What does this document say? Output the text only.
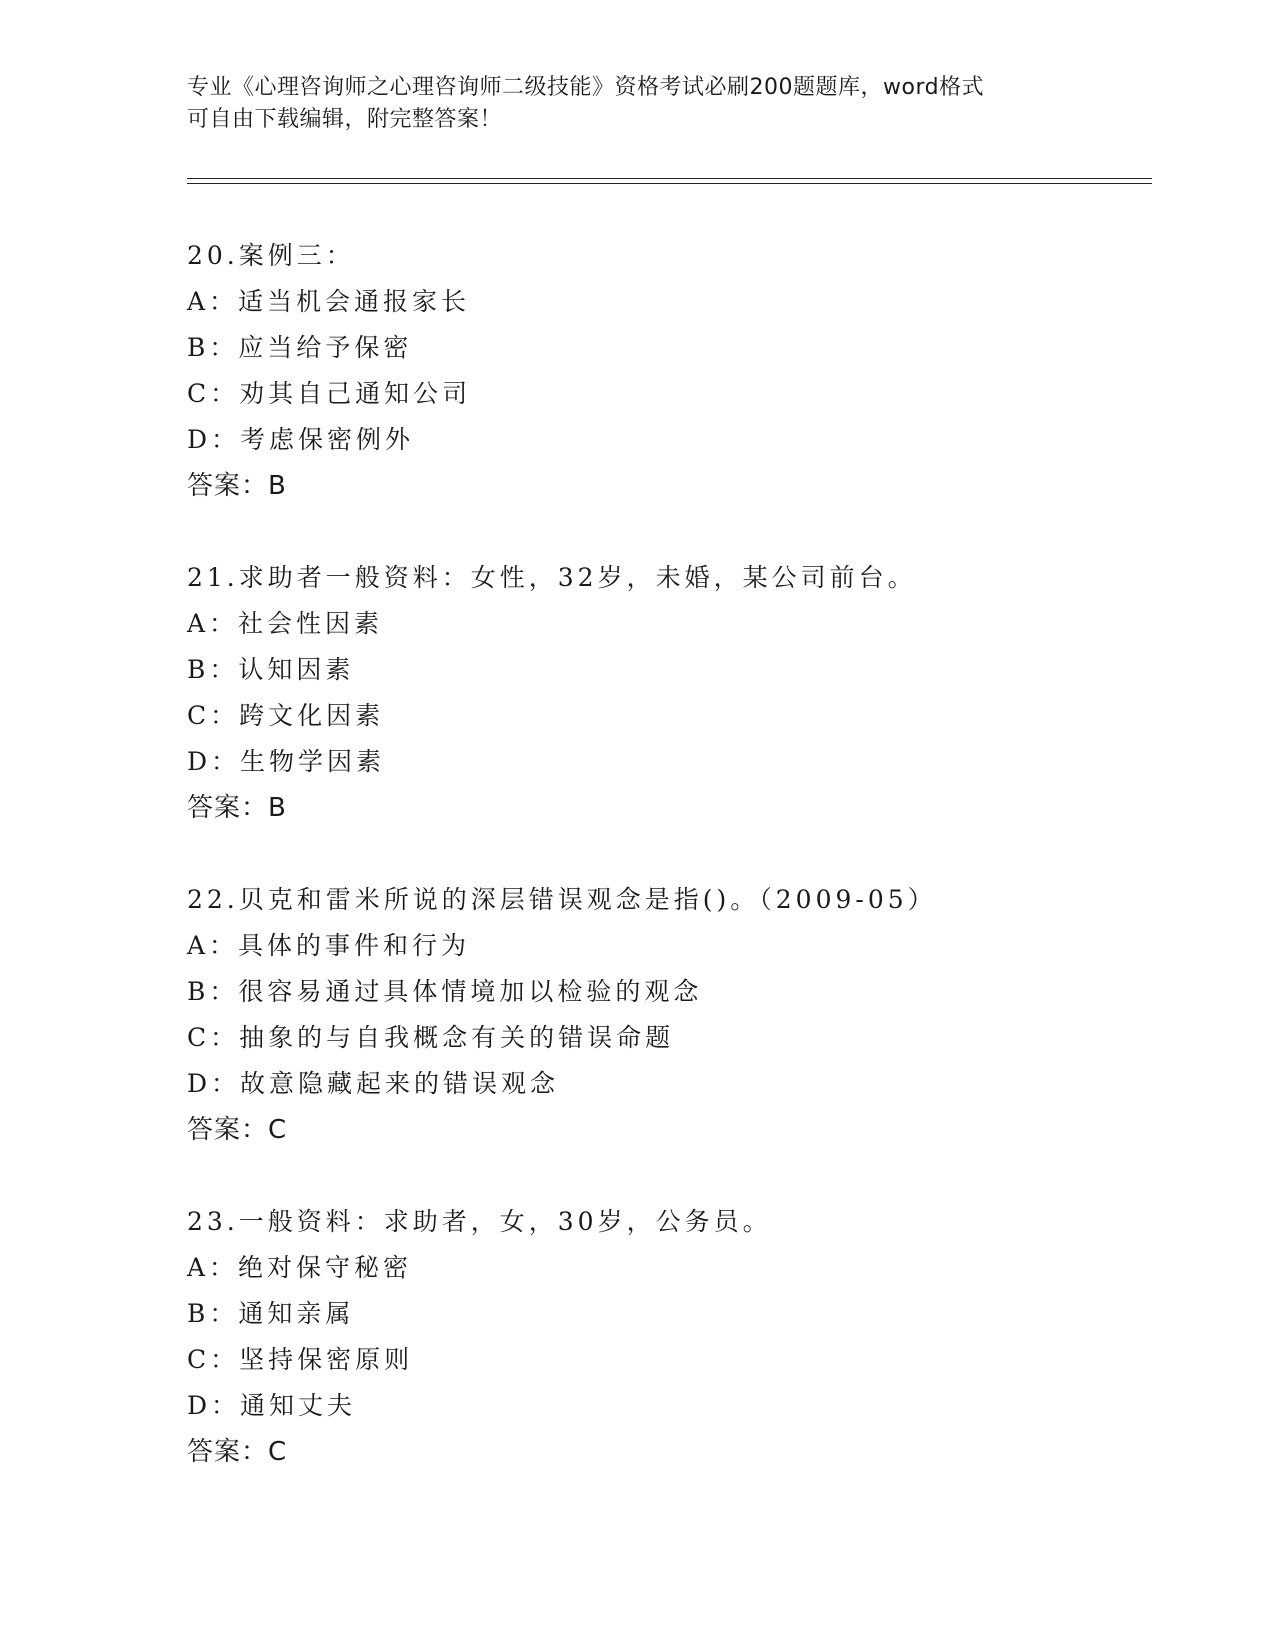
专业《心理咨询师之心理咨询师二级技能》资格考试必刷200题题库，word格式
可自由下载编辑，附完整答案！
20.案例三：
A：适当机会通报家长
B：应当给予保密
C：劝其自己通知公司
D：考虑保密例外
答案：B
21.求助者一般资料：女性，32岁，未婚，某公司前台。
A：社会性因素
B：认知因素
C：跨文化因素
D：生物学因素
答案：B
22.贝克和雷米所说的深层错误观念是指()。（2009-05）
A：具体的事件和行为
B：很容易通过具体情境加以检验的观念
C：抽象的与自我概念有关的错误命题
D：故意隐藏起来的错误观念
答案：C
23.一般资料：求助者，女，30岁，公务员。
A：绝对保守秘密
B：通知亲属
C：坚持保密原则
D：通知丈夫
答案：C
